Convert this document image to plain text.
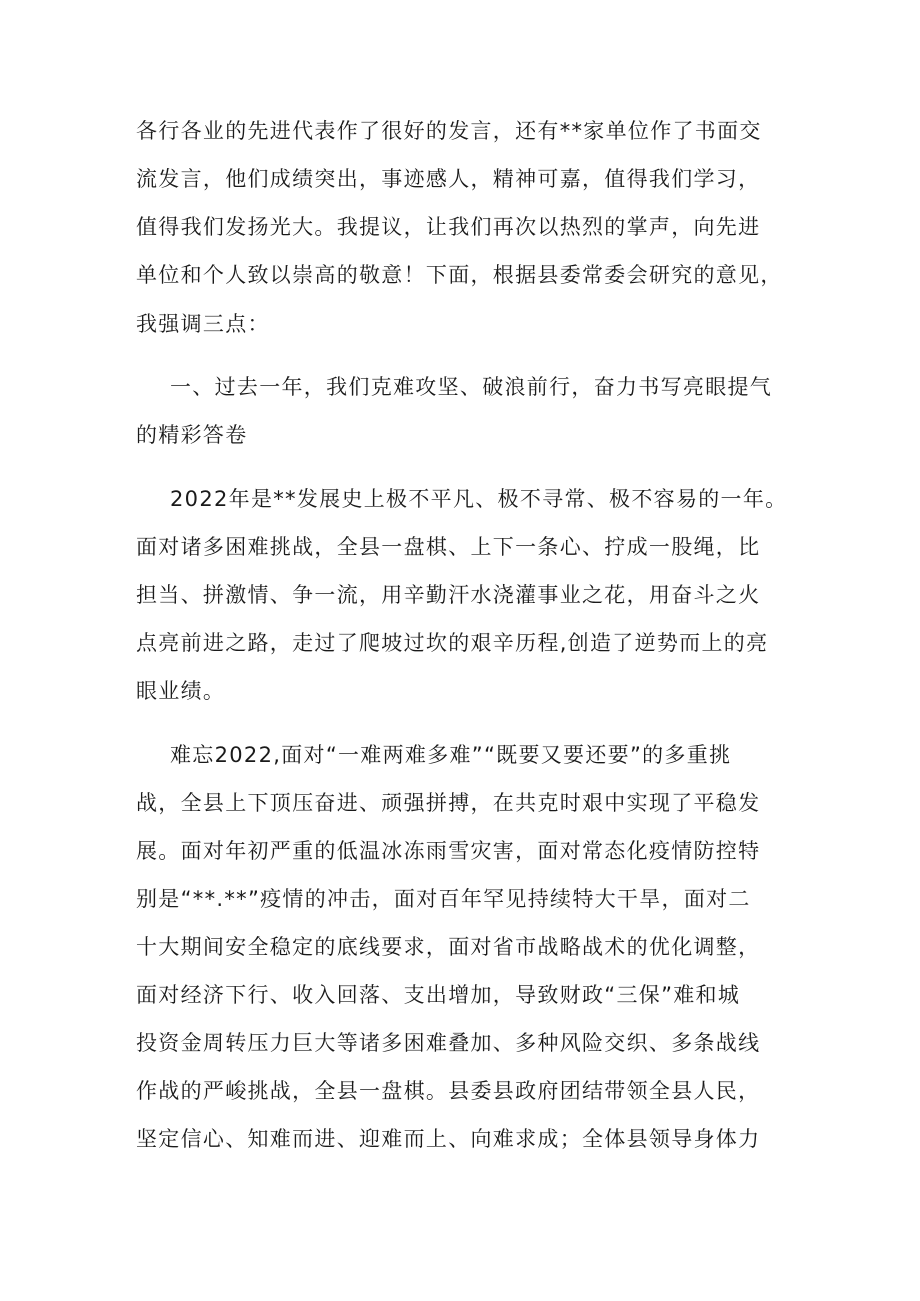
各行各业的先进代表作了很好的发言，还有**家单位作了书面交
流发言，他们成绩突出，事迹感人，精神可嘉，值得我们学习，
值得我们发扬光大。我提议，让我们再次以热烈的掌声，向先进
单位和个人致以崇高的敬意！下面，根据县委常委会研究的意见，
我强调三点：
一、过去一年，我们克难攻坚、破浪前行，奋力书写亮眼提气
的精彩答卷
2022年是**发展史上极不平凡、极不寻常、极不容易的一年。
面对诸多困难挑战，全县一盘棋、上下一条心、拧成一股绳，比
担当、拼激情、争一流，用辛勤汗水浇灌事业之花，用奋斗之火
点亮前进之路，走过了爬坡过坎的艰辛历程,创造了逆势而上的亮
眼业绩。
难忘2022,面对“一难两难多难”“既要又要还要”的多重挑
战，全县上下顶压奋进、顽强拼搏，在共克时艰中实现了平稳发
展。面对年初严重的低温冰冻雨雪灾害，面对常态化疫情防控特
别是“**.**”疫情的冲击，面对百年罕见持续特大干旱，面对二
十大期间安全稳定的底线要求，面对省市战略战术的优化调整，
面对经济下行、收入回落、支出增加，导致财政“三保”难和城
投资金周转压力巨大等诸多困难叠加、多种风险交织、多条战线
作战的严峻挑战，全县一盘棋。县委县政府团结带领全县人民，
坚定信心、知难而进、迎难而上、向难求成；全体县领导身体力
